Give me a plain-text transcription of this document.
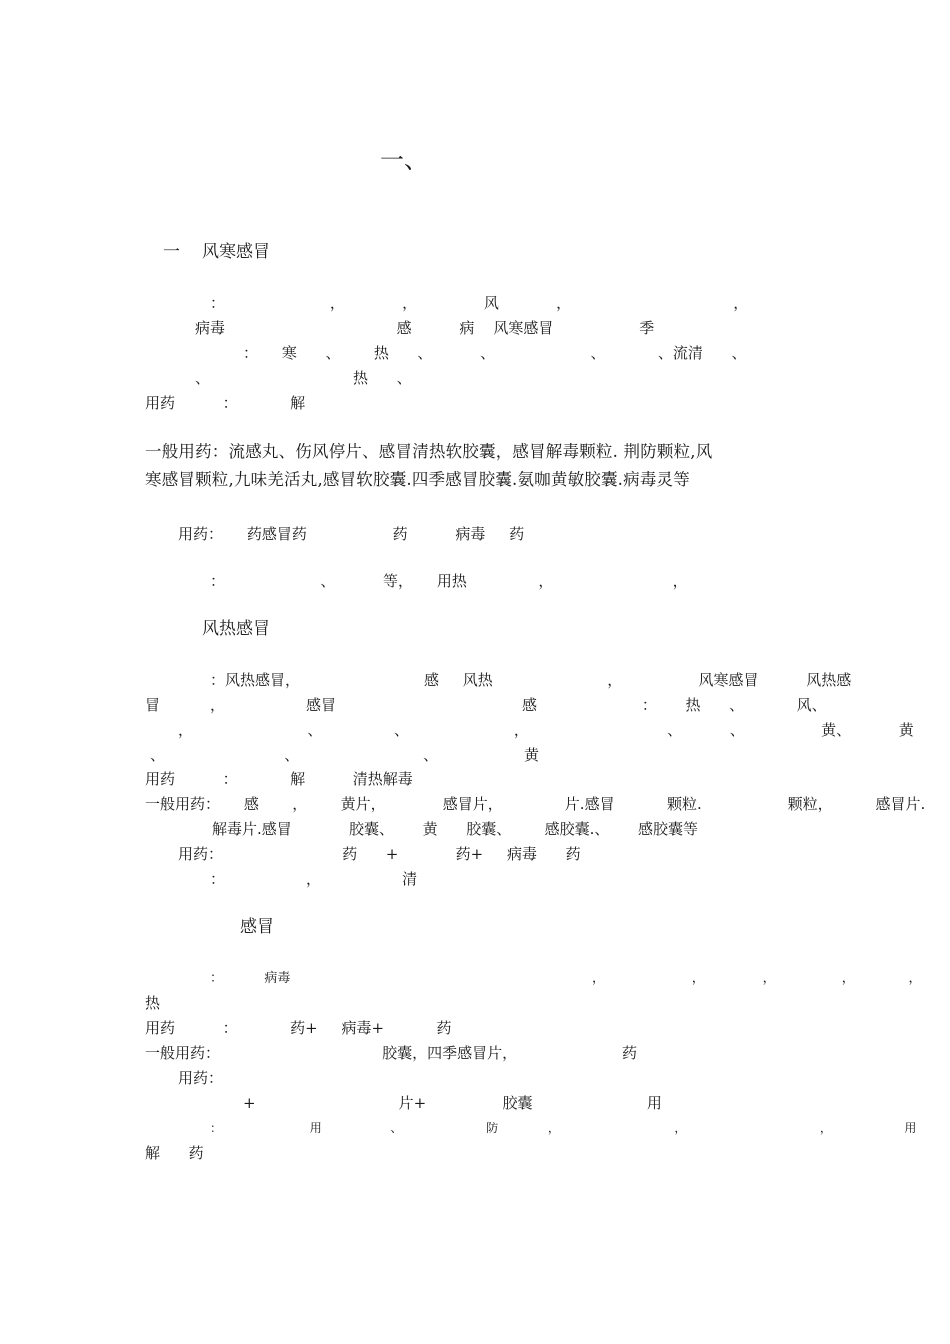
一、
一 风寒感冒
：                      ，            ，              风            ，                                  ，
病毒                                    感          病    风寒感冒                  季
：     寒      、       热      、          、                    、           、流清      、
、                              热      、
用药          ：           解
一般用药：流感丸、伤风停片、感冒清热软胶囊，感冒解毒颗粒. 荆防颗粒,风
寒感冒颗粒,九味羌活丸,感冒软胶囊.四季感冒胶囊.氨咖黄敏胶囊.病毒灵等
用药：     药感冒药                  药          病毒     药
：                    、          等，     用热               ，                         ，
风热感冒
：风热感冒，                          感     风热                        ，                风寒感冒          风热感
冒	，                 感冒                                       感                      ：      热      、           风、
，                        、               、                      ，                             、          、                黄、          黄
、                         、                          、                  黄
用药          ：           解          清热解毒
一般用药：     感       ，       黄片，            感冒片，             片.感冒           颗粒.                  颗粒，         感冒片.
解毒片.感冒            胶囊、      黄      胶囊、       感胶囊.、      感胶囊等
用药：                         药      +            药+     病毒      药
：                 ，                 清
感冒
：          病毒                                                                         ，                     ，              ，                ，             ，
热
用药          ：           药+     病毒+           药
一般用药：                                  胶囊，四季感冒片，                      药
用药：
+                              片+                胶囊                        用
：                       用                  、                      防             ，                              ，                                   ，                   用
解      药
